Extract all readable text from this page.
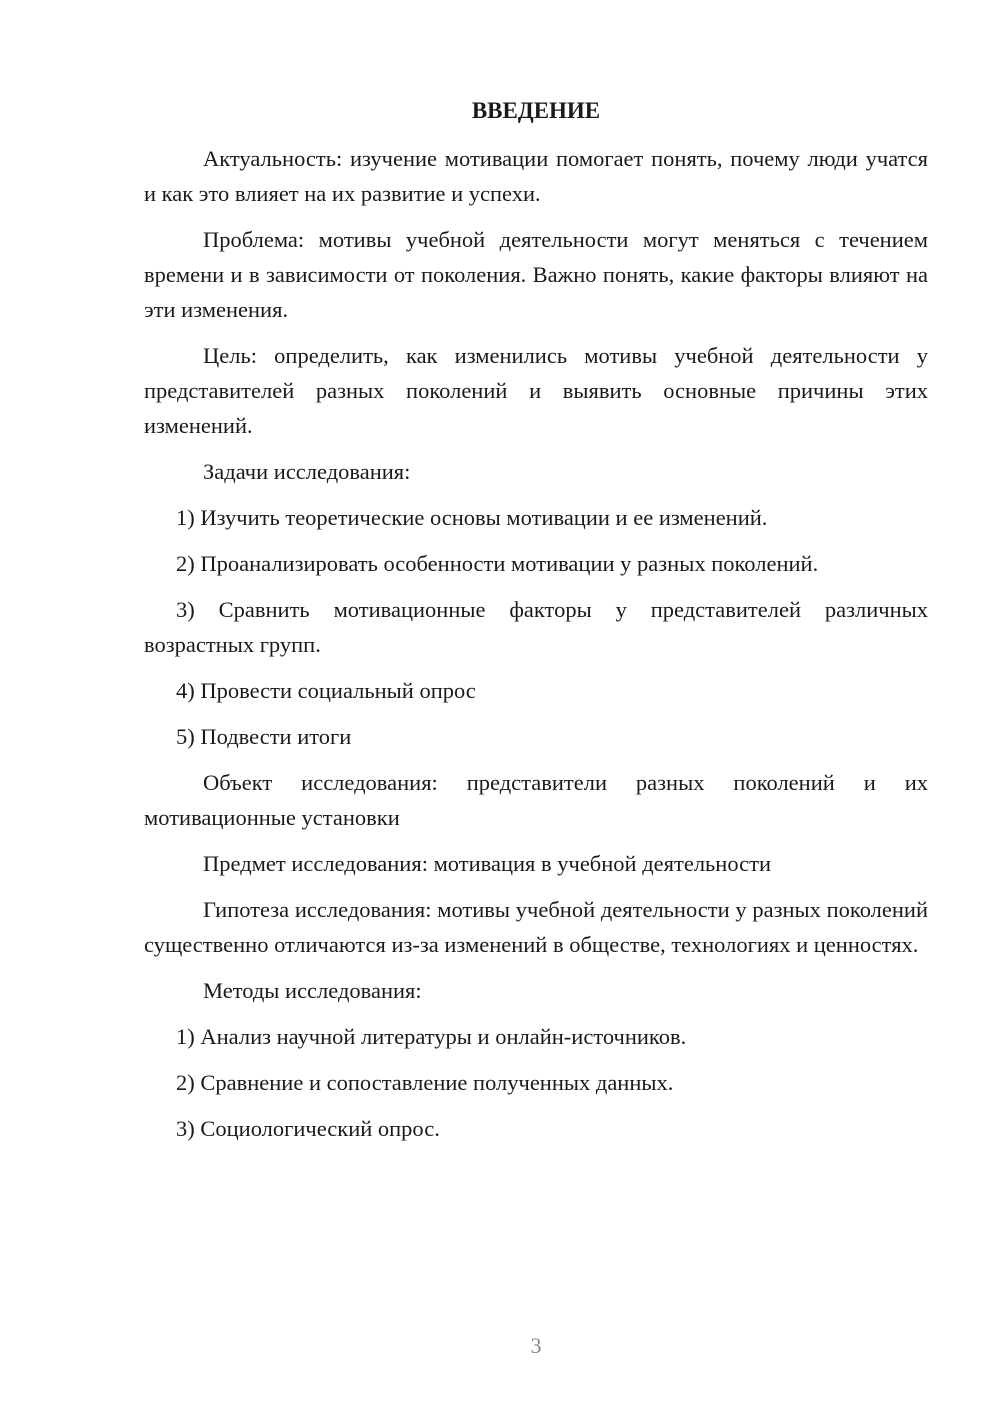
ВВЕДЕНИЕ

Актуальность: изучение мотивации помогает понять, почему люди учатся и как это влияет на их развитие и успехи.

Проблема: мотивы учебной деятельности могут меняться с течением времени и в зависимости от поколения. Важно понять, какие факторы влияют на эти изменения.

Цель: определить, как изменились мотивы учебной деятельности у представителей разных поколений и выявить основные причины этих изменений.

Задачи исследования:

1) Изучить теоретические основы мотивации и ее изменений.

2) Проанализировать особенности мотивации у разных поколений.

3) Сравнить мотивационные факторы у представителей различных возрастных групп.

4) Провести социальный опрос

5) Подвести итоги

Объект исследования: представители разных поколений и их мотивационные установки

Предмет исследования: мотивация в учебной деятельности

Гипотеза исследования: мотивы учебной деятельности у разных поколений существенно отличаются из-за изменений в обществе, технологиях и ценностях.

Методы исследования:

1) Анализ научной литературы и онлайн-источников.

2) Сравнение и сопоставление полученных данных.

3) Социологический опрос.

3
